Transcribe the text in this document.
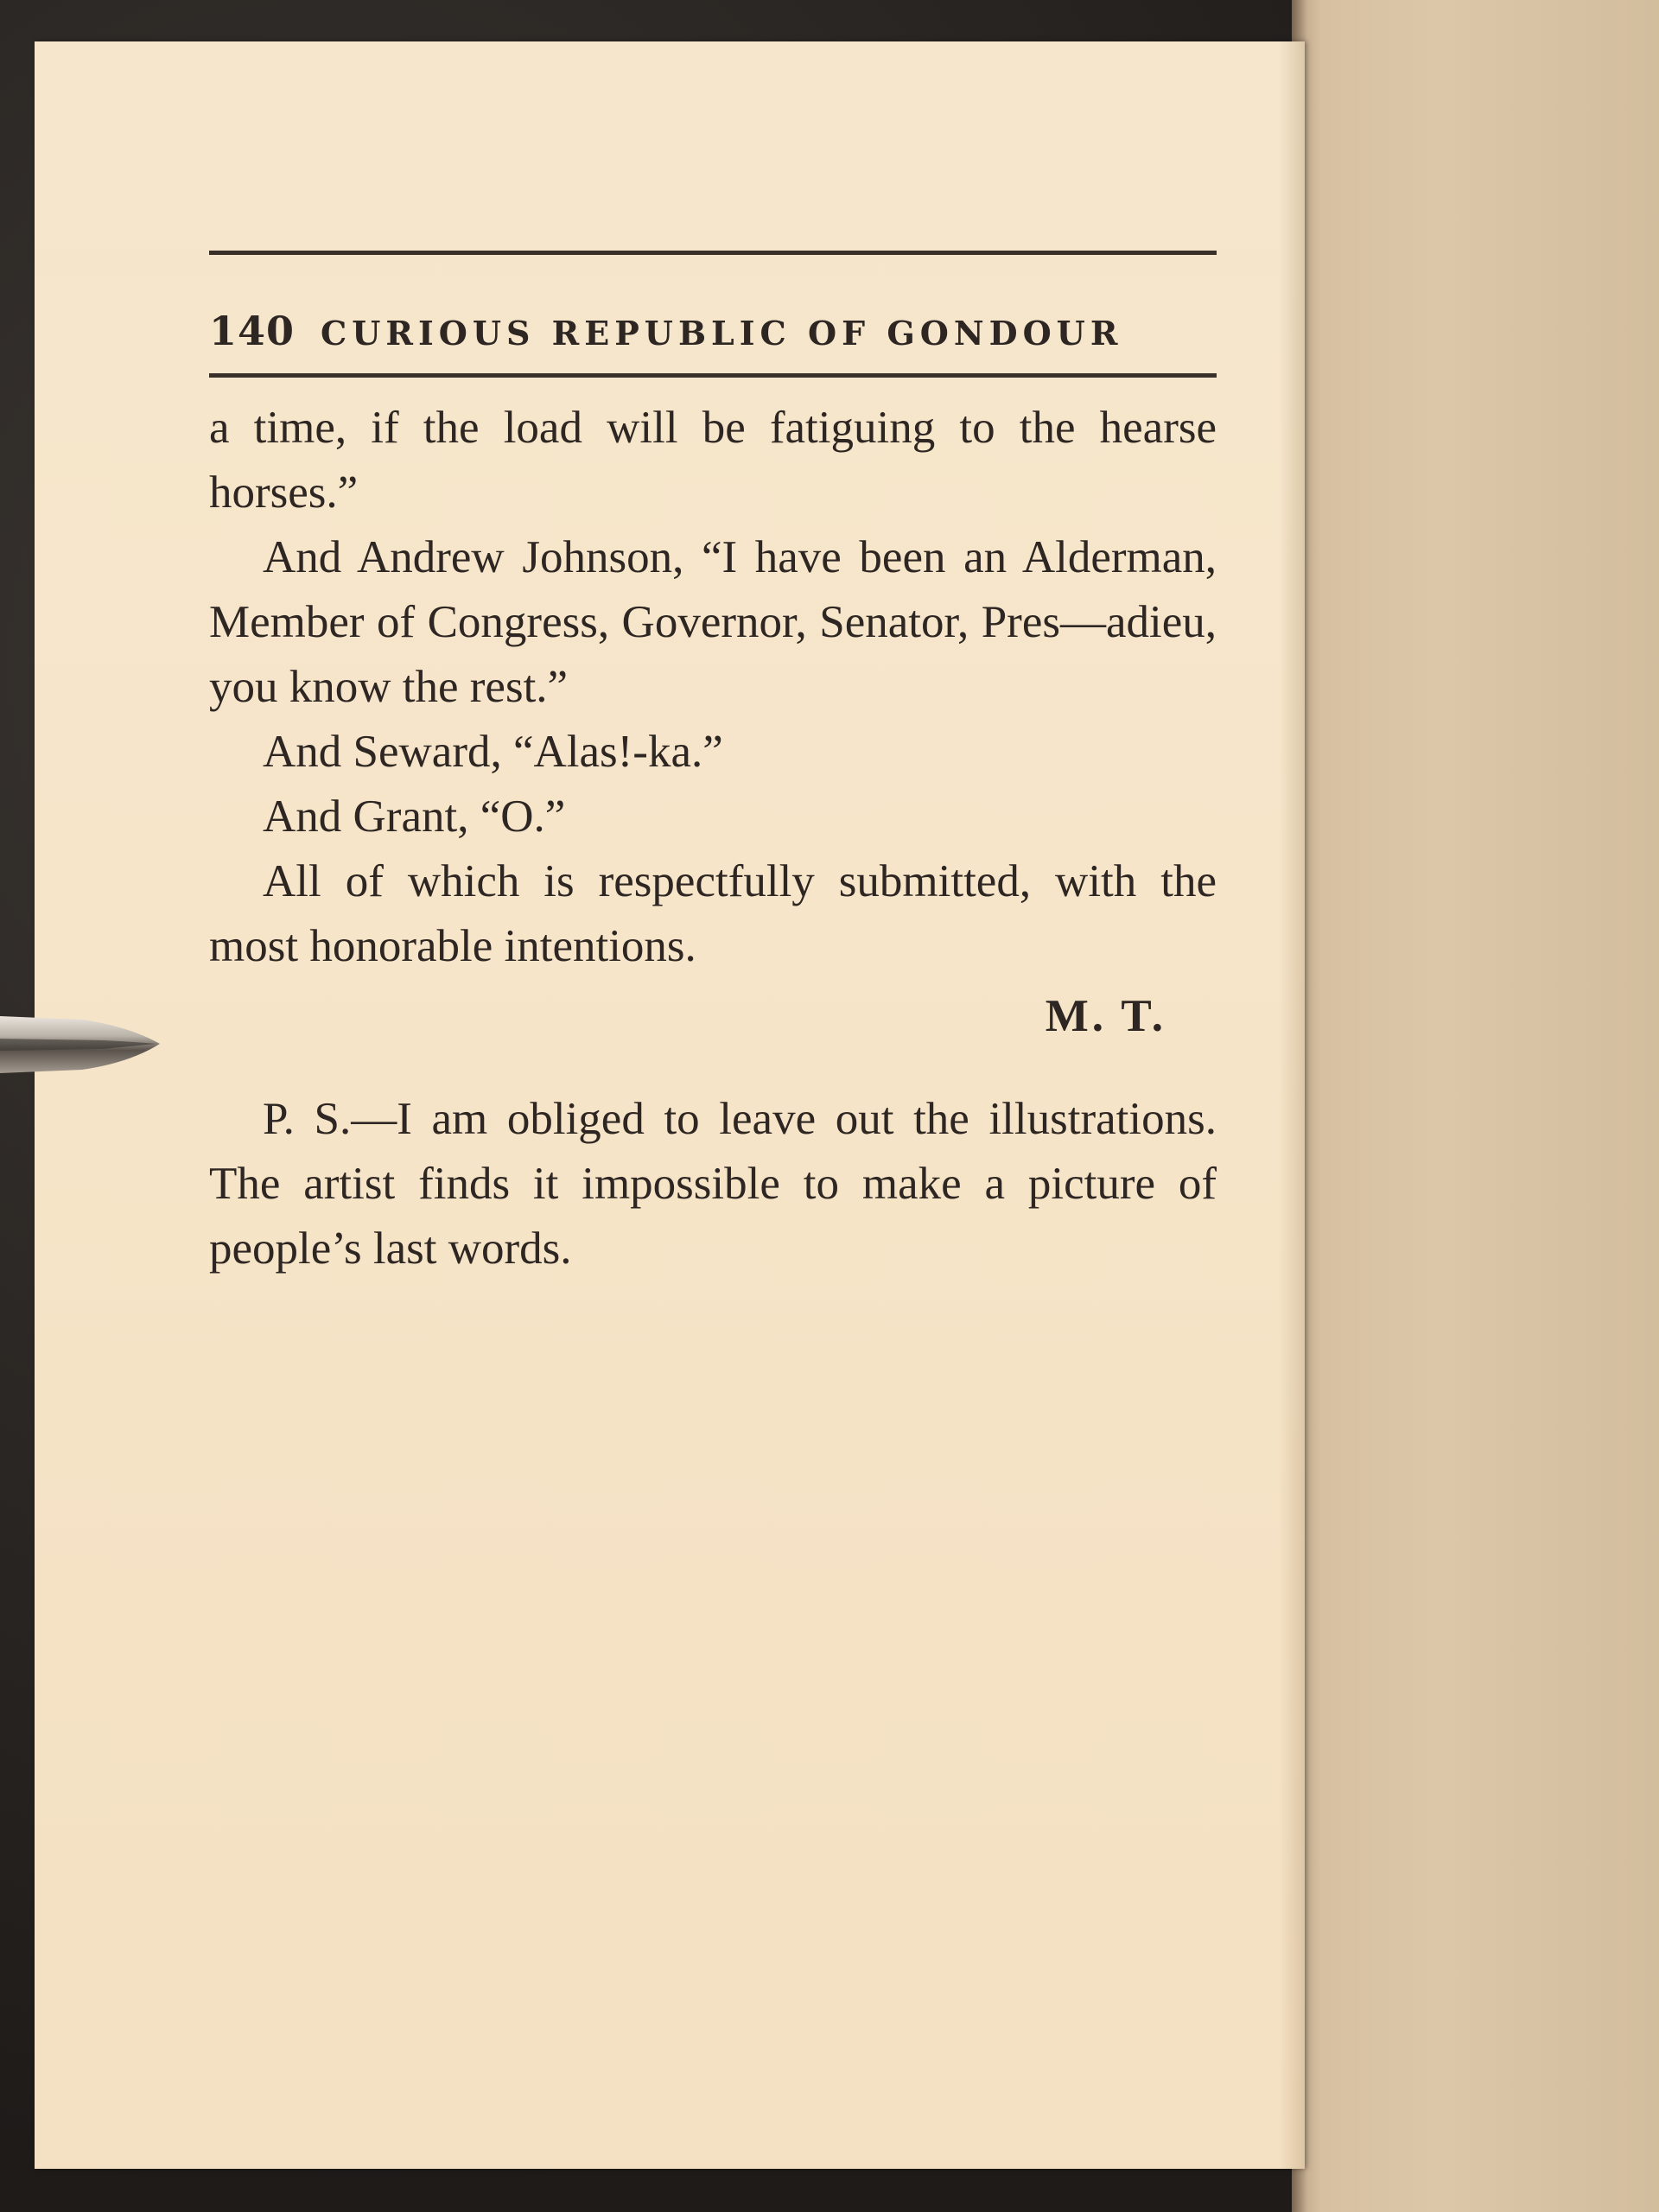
140 CURIOUS REPUBLIC OF GONDOUR

a time, if the load will be fatiguing to the hearse horses.”

And Andrew Johnson, “I have been an Alderman, Member of Congress, Governor, Senator, Pres—adieu, you know the rest.”

And Seward, “Alas!-ka.”

And Grant, “O.”

All of which is respectfully submitted, with the most honorable intentions.

M. T.

P. S.—I am obliged to leave out the illustrations. The artist finds it impossible to make a picture of people’s last words.
